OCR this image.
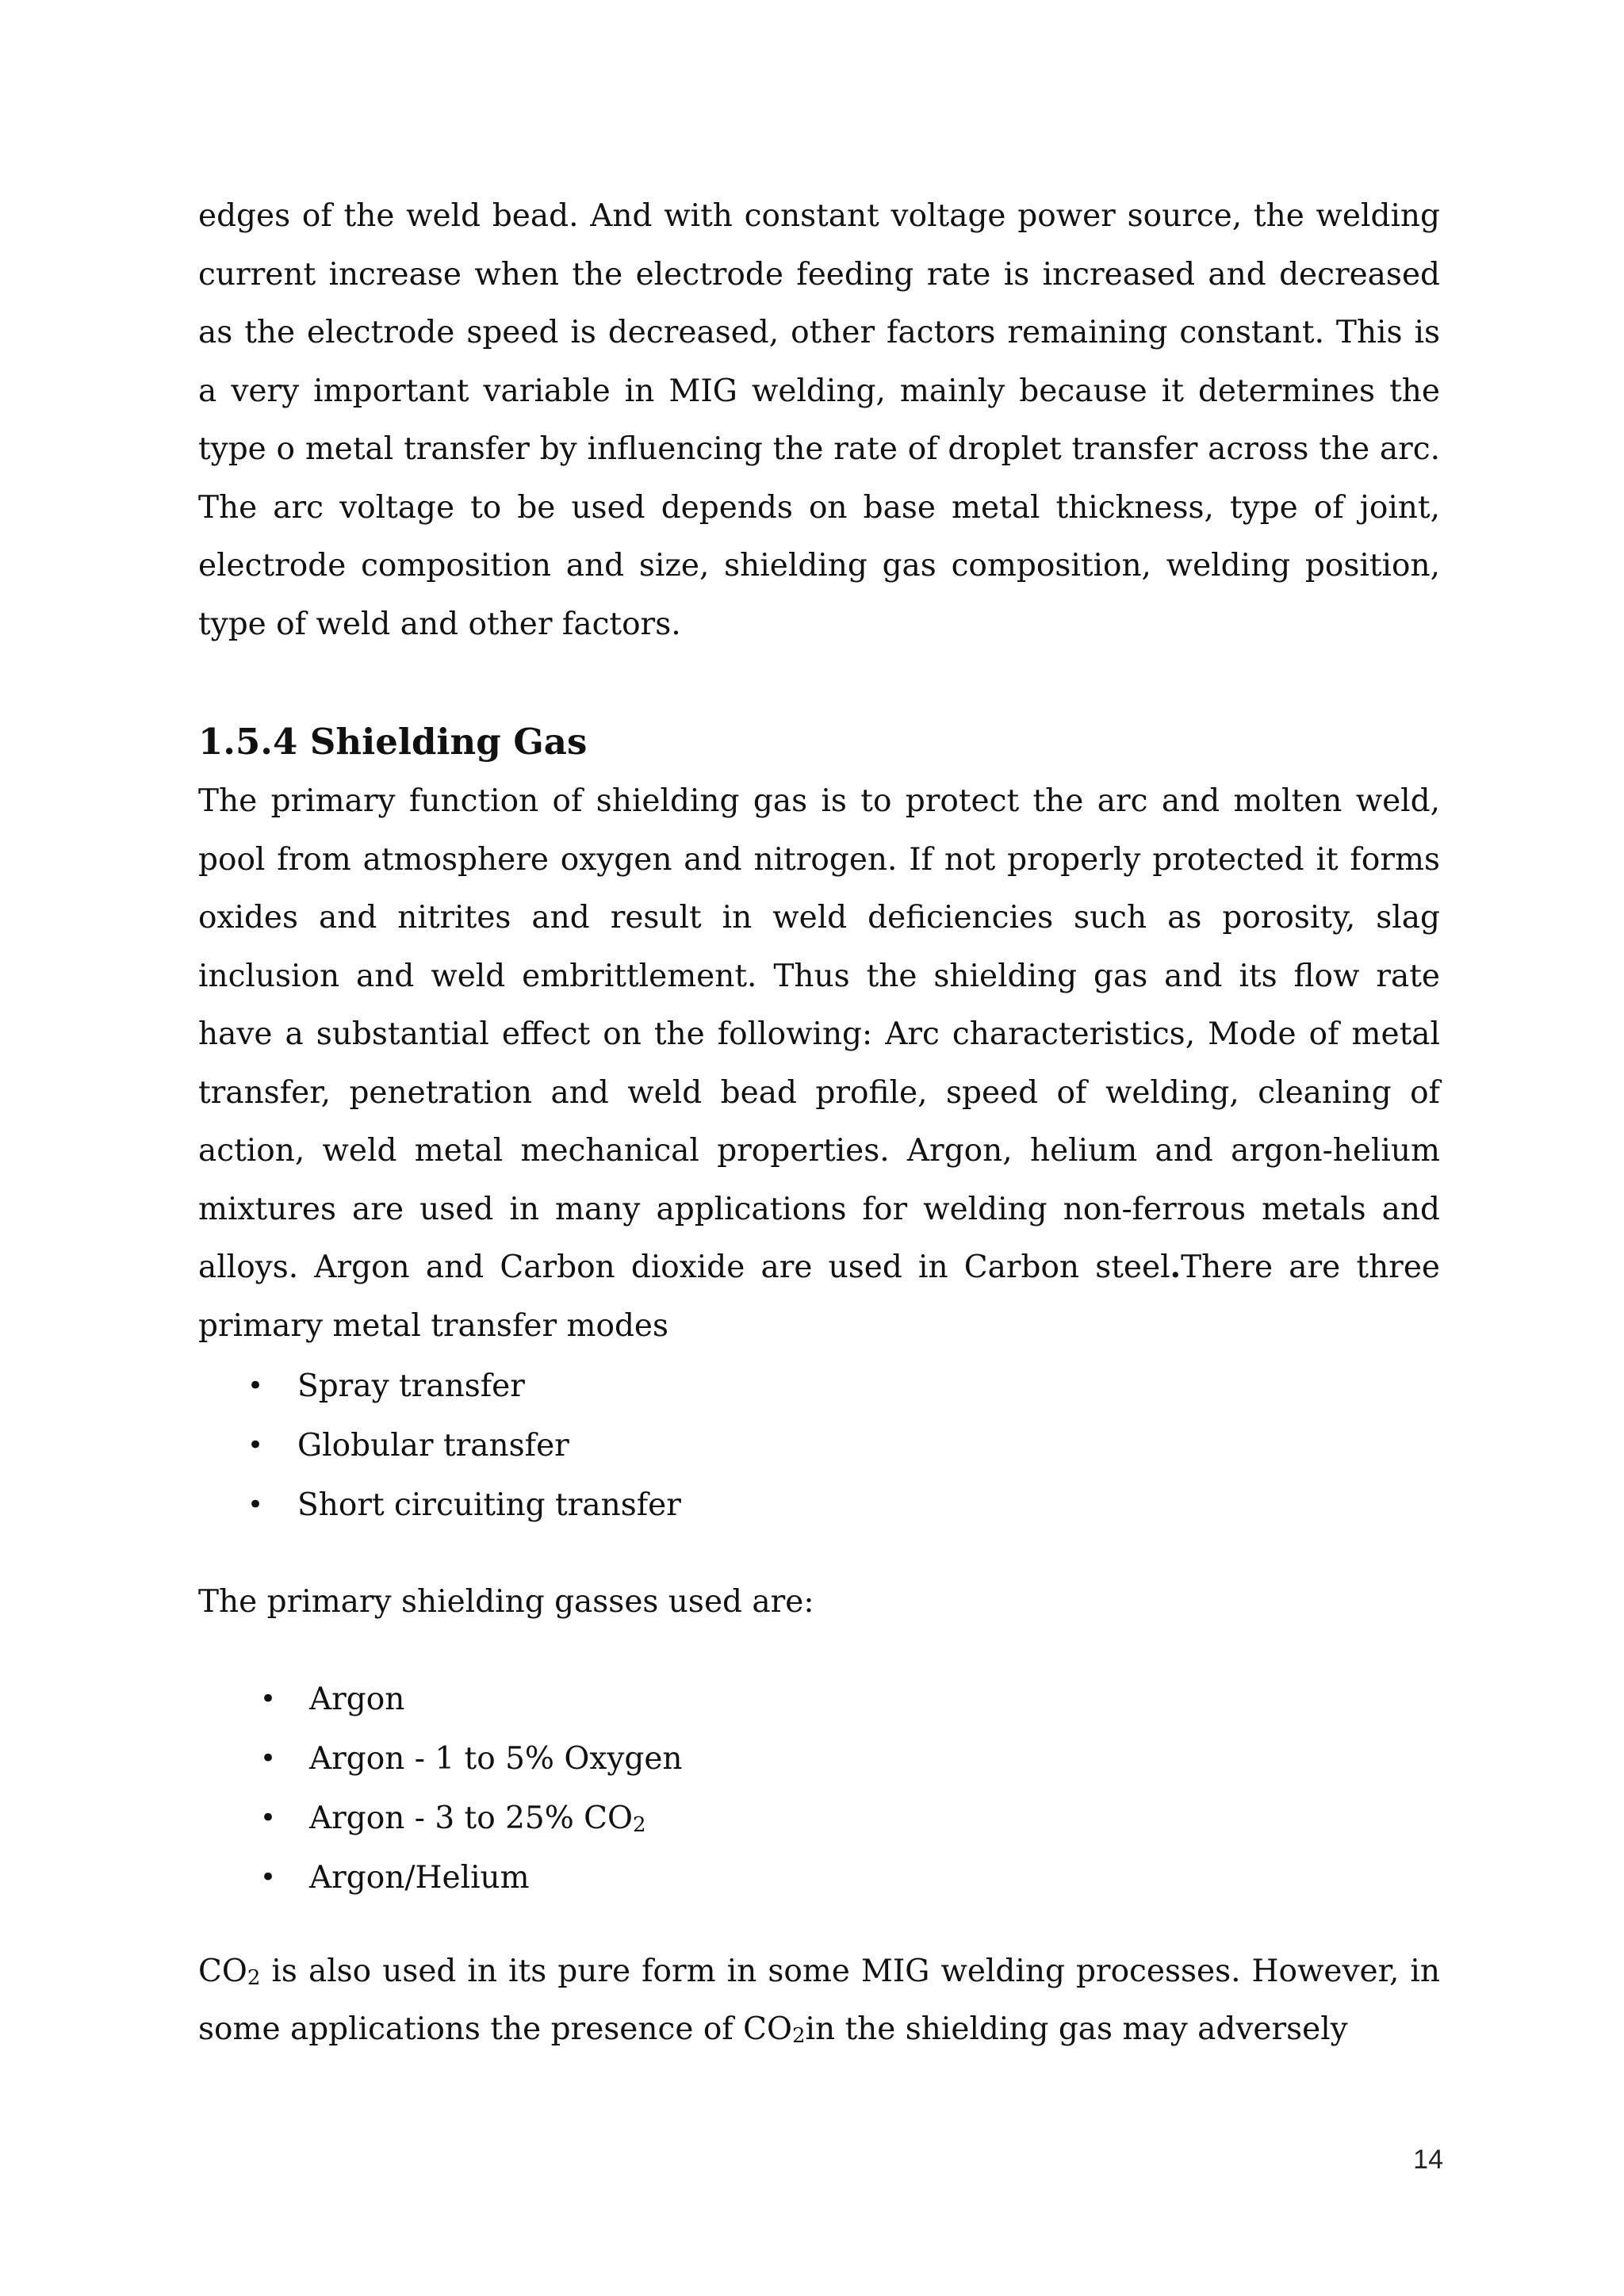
edges of the weld bead. And with constant voltage power source, the welding current increase when the electrode feeding rate is increased and decreased as the electrode speed is decreased, other factors remaining constant. This is a very important variable in MIG welding, mainly because it determines the type o metal transfer by influencing the rate of droplet transfer across the arc. The arc voltage to be used depends on base metal thickness, type of joint, electrode composition and size, shielding gas composition, welding position, type of weld and other factors.

1.5.4 Shielding Gas

The primary function of shielding gas is to protect the arc and molten weld, pool from atmosphere oxygen and nitrogen. If not properly protected it forms oxides and nitrites and result in weld deficiencies such as porosity, slag inclusion and weld embrittlement. Thus the shielding gas and its flow rate have a substantial effect on the following: Arc characteristics, Mode of metal transfer, penetration and weld bead profile, speed of welding, cleaning of action, weld metal mechanical properties. Argon, helium and argon-helium mixtures are used in many applications for welding non-ferrous metals and alloys. Argon and Carbon dioxide are used in Carbon steel.There are three primary metal transfer modes

• Spray transfer
• Globular transfer
• Short circuiting transfer

The primary shielding gasses used are:

• Argon
• Argon - 1 to 5% Oxygen
• Argon - 3 to 25% $CO_2$
• Argon/Helium

$CO_2$ is also used in its pure form in some MIG welding processes. However, in some applications the presence of $CO_2in$ the shielding gas may adversely

14
